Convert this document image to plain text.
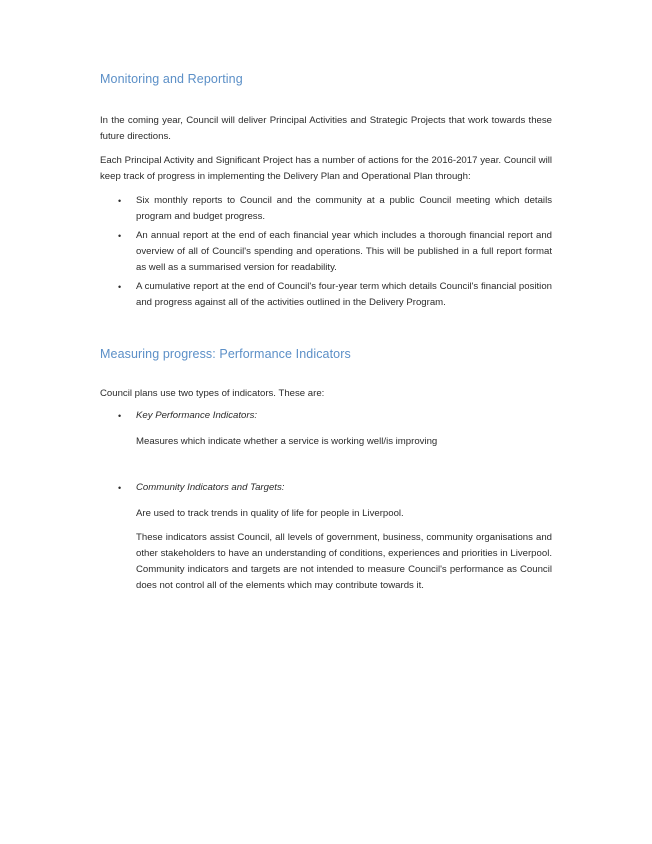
Monitoring and Reporting

In the coming year, Council will deliver Principal Activities and Strategic Projects that work towards these future directions.

Each Principal Activity and Significant Project has a number of actions for the 2016-2017 year. Council will keep track of progress in implementing the Delivery Plan and Operational Plan through:

• Six monthly reports to Council and the community at a public Council meeting which details program and budget progress.
• An annual report at the end of each financial year which includes a thorough financial report and overview of all of Council's spending and operations. This will be published in a full report format as well as a summarised version for readability.
• A cumulative report at the end of Council's four-year term which details Council's financial position and progress against all of the activities outlined in the Delivery Program.
Measuring progress: Performance Indicators

Council plans use two types of indicators. These are:

• Key Performance Indicators:

Measures which indicate whether a service is working well/is improving

• Community Indicators and Targets:

Are used to track trends in quality of life for people in Liverpool.

These indicators assist Council, all levels of government, business, community organisations and other stakeholders to have an understanding of conditions, experiences and priorities in Liverpool. Community indicators and targets are not intended to measure Council's performance as Council does not control all of the elements which may contribute towards it.
